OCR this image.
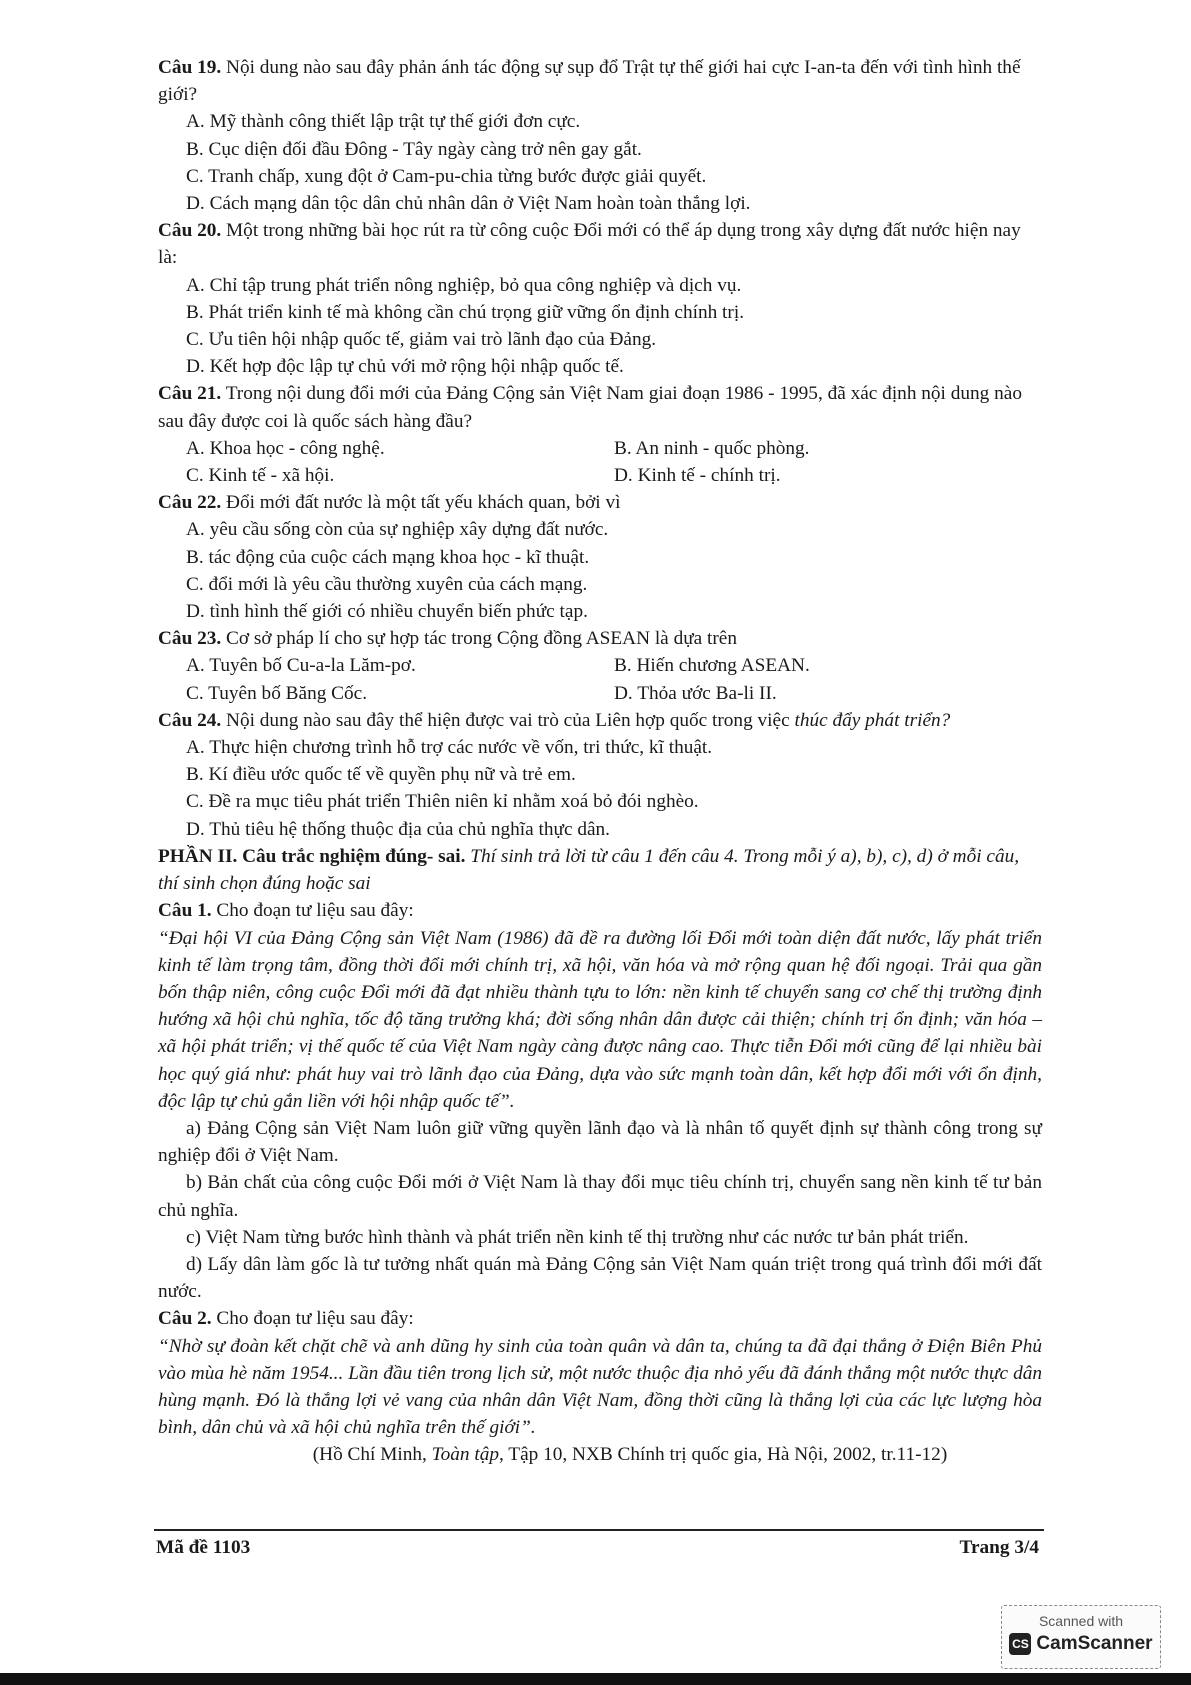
Câu 19. Nội dung nào sau đây phản ánh tác động sự sụp đổ Trật tự thế giới hai cực I-an-ta đến với tình hình thế giới?

A. Mỹ thành công thiết lập trật tự thế giới đơn cực.

B. Cục diện đối đầu Đông - Tây ngày càng trở nên gay gắt.

C. Tranh chấp, xung đột ở Cam-pu-chia từng bước được giải quyết.

D. Cách mạng dân tộc dân chủ nhân dân ở Việt Nam hoàn toàn thắng lợi.

Câu 20. Một trong những bài học rút ra từ công cuộc Đổi mới có thể áp dụng trong xây dựng đất nước hiện nay là:

A. Chỉ tập trung phát triển nông nghiệp, bỏ qua công nghiệp và dịch vụ.

B. Phát triển kinh tế mà không cần chú trọng giữ vững ổn định chính trị.

C. Ưu tiên hội nhập quốc tế, giảm vai trò lãnh đạo của Đảng.

D. Kết hợp độc lập tự chủ với mở rộng hội nhập quốc tế.

Câu 21. Trong nội dung đổi mới của Đảng Cộng sản Việt Nam giai đoạn 1986 - 1995, đã xác định nội dung nào sau đây được coi là quốc sách hàng đầu?

A. Khoa học - công nghệ.	B. An ninh - quốc phòng.

C. Kinh tế - xã hội.	D. Kinh tế - chính trị.

Câu 22. Đổi mới đất nước là một tất yếu khách quan, bởi vì

A. yêu cầu sống còn của sự nghiệp xây dựng đất nước.

B. tác động của cuộc cách mạng khoa học - kĩ thuật.

C. đổi mới là yêu cầu thường xuyên của cách mạng.

D. tình hình thế giới có nhiều chuyển biến phức tạp.

Câu 23. Cơ sở pháp lí cho sự hợp tác trong Cộng đồng ASEAN là dựa trên

A. Tuyên bố Cu-a-la Lăm-pơ.	B. Hiến chương ASEAN.

C. Tuyên bố Băng Cốc.	D. Thỏa ước Ba-li II.

Câu 24. Nội dung nào sau đây thể hiện được vai trò của Liên hợp quốc trong việc thúc đẩy phát triển?

A. Thực hiện chương trình hỗ trợ các nước về vốn, tri thức, kĩ thuật.

B. Kí điều ước quốc tế về quyền phụ nữ và trẻ em.

C. Đề ra mục tiêu phát triển Thiên niên kỉ nhằm xoá bỏ đói nghèo.

D. Thủ tiêu hệ thống thuộc địa của chủ nghĩa thực dân.

PHẦN II. Câu trắc nghiệm đúng- sai. Thí sinh trả lời từ câu 1 đến câu 4. Trong mỗi ý a), b), c), d) ở mỗi câu, thí sinh chọn đúng hoặc sai

Câu 1. Cho đoạn tư liệu sau đây:

“Đại hội VI của Đảng Cộng sản Việt Nam (1986) đã đề ra đường lối Đổi mới toàn diện đất nước, lấy phát triển kinh tế làm trọng tâm, đồng thời đổi mới chính trị, xã hội, văn hóa và mở rộng quan hệ đối ngoại. Trải qua gần bốn thập niên, công cuộc Đổi mới đã đạt nhiều thành tựu to lớn: nền kinh tế chuyển sang cơ chế thị trường định hướng xã hội chủ nghĩa, tốc độ tăng trưởng khá; đời sống nhân dân được cải thiện; chính trị ổn định; văn hóa – xã hội phát triển; vị thế quốc tế của Việt Nam ngày càng được nâng cao. Thực tiễn Đổi mới cũng để lại nhiều bài học quý giá như: phát huy vai trò lãnh đạo của Đảng, dựa vào sức mạnh toàn dân, kết hợp đổi mới với ổn định, độc lập tự chủ gắn liền với hội nhập quốc tế”.

a) Đảng Cộng sản Việt Nam luôn giữ vững quyền lãnh đạo và là nhân tố quyết định sự thành công trong sự nghiệp đổi ở Việt Nam.

b) Bản chất của công cuộc Đổi mới ở Việt Nam là thay đổi mục tiêu chính trị, chuyển sang nền kinh tế tư bản chủ nghĩa.

c) Việt Nam từng bước hình thành và phát triển nền kinh tế thị trường như các nước tư bản phát triển.

d) Lấy dân làm gốc là tư tưởng nhất quán mà Đảng Cộng sản Việt Nam quán triệt trong quá trình đổi mới đất nước.

Câu 2. Cho đoạn tư liệu sau đây:

“Nhờ sự đoàn kết chặt chẽ và anh dũng hy sinh của toàn quân và dân ta, chúng ta đã đại thắng ở Điện Biên Phủ vào mùa hè năm 1954... Lần đầu tiên trong lịch sử, một nước thuộc địa nhỏ yếu đã đánh thắng một nước thực dân hùng mạnh. Đó là thắng lợi vẻ vang của nhân dân Việt Nam, đồng thời cũng là thắng lợi của các lực lượng hòa bình, dân chủ và xã hội chủ nghĩa trên thế giới”.

(Hồ Chí Minh, Toàn tập, Tập 10, NXB Chính trị quốc gia, Hà Nội, 2002, tr.11-12)

Mã đề 1103	Trang 3/4
Scanned with
CS CamScanner
